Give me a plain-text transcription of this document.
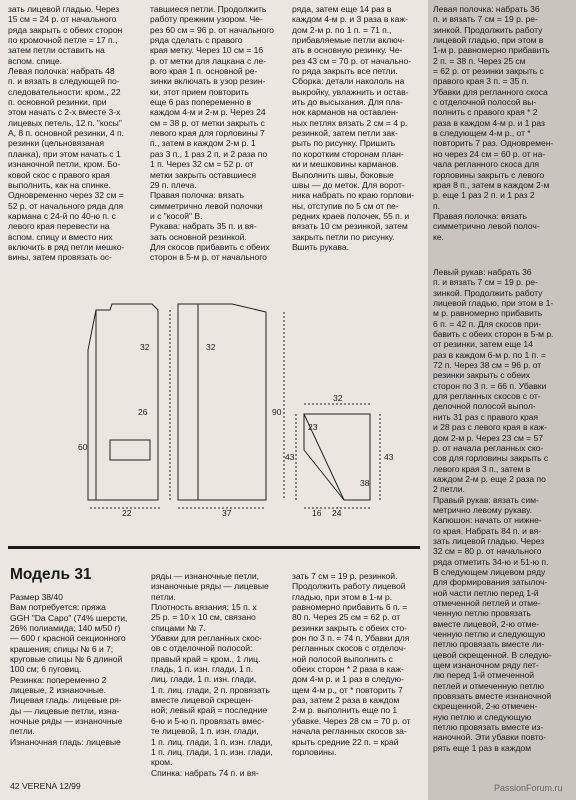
зать лицевой гладью. Через
15 см = 24 р. от начального
ряда закрыть с обеих сторон
по кромочной петле = 17 п.,
затем петли оставить на
вспом. спице.
Левая полочка: набрать 48
п. и вязать в следующей по-
следовательности: кром., 22
п. основной резинки, при
этом начать с 2-х вместе 3-х
лицевых петель, 12 п. "косы"
А, 8 п. основной резинки, 4 п.
резинки (цельновязаная
планка), при этом начать с 1
изнаночной петли, кром. Бо-
ковой скос с правого края
выполнить, как на спинке.
Одновременно через 32 см =
52 р. от начального ряда для
кармана с 24-й по 40-ю п. с
левого края перевести на
вспом. спицу и вместо них
включить в ряд петли мешко-
вины, затем провязать ос-
тавшиеся петли. Продолжить
работу прежним узором. Че-
рез 60 см = 96 р. от начального
ряда сделать с правого
края метку. Через 10 см = 16
р. от метки для лацкана с ле-
вого края 1 п. основной ре-
зинки включать в узор резин-
ки, этот прием повторить
еще 6 раз попеременно в
каждом 4-м и 2-м р. Через 24
см = 38 р. от метки закрыть с
левого края для горловины 7
п., затем в каждом 2-м р. 1
раз 3 п., 1 раз 2 п. и 2 раза по
1 п. Через 32 см = 52 р. от
метки закрыть оставшиеся
29 п. плеча.
Правая полочка: вязать
симметрично левой полочки
и с "косой" В.
Рукава: набрать 35 п. и вя-
зать основной резинкой.
Для скосов прибавить с обеих
сторон в 5-м р. от начального
ряда, затем еще 14 раз в
каждом 4-м р. и 3 раза в каж-
дом 2-м р. по 1 п. = 71 п.,
прибавляемые петли включ-
ать в основную резинку. Че-
рез 43 см = 70 р. от начально-
го ряда закрыть все петли.
Сборка: детали накололь на
выкройку, увлажнить и остав-
ить до высыхания. Для пла-
нок карманов на оставлен-
ных петлях вязать 2 см = 4 р.
резинкой, затем петли зак-
рыть по рисунку. Пришить
по коротким сторонам план-
ки и мешковины карманов.
Выполнить швы, боковые
швы — до меток. Для ворот-
ника набрать по краю горлови-
ны, отступив по 5 см от пе-
редних краев полочек, 55 п. и
вязать 10 см резинкой, затем
закрыть петли по рисунку.
Вшить рукава.
Левая полочка: набрать 36
п. и вязать 7 см = 19 р. ре-
зинкой. Продолжить работу
лицевой гладью, при этом в
1-м р. равномерно прибавить
2 п. = 38 п. Через 25 см
= 62 р. от резинки закрыть с
правого края 3 п. = 35 п.
Убавки для регланного скоса
с отделочной полосой вы-
полнить с правого края * 2
раза в каждом 4-м р. и 1 раз
в следующем 4-м р., от *
повторить 7 раз. Одновремен-
но через 24 см = 60 р. от на-
чала регланного скоса для
горловины закрыть с левого
края 8 п., затем в каждом 2-м
р. еще 1 раз 2 п. и 1 раз 2
п.
Правая полочка: вязать
симметрично левой полоч-
ке.
60
32
26
32
90
22	37
32
23
43	43
38
24
16
Модель 31
Размер 38/40
Вам потребуется: пряжа
GGH "Da Capo" (74% шерсти,
26% полиамида; 140 м/50 г)
— 600 г красной секционного
крашения; спицы № 6 и 7;
круговые спицы № 6 длиной
100 см; 6 пуговиц.
Резинка: попеременно 2
лицевые, 2 изнаночные.
Лицевая гладь: лицевые ря-
ды — лицевые петли, изна-
ночные ряды — изнаночные
петли.
Изнаночная гладь: лицевые
ряды — изнаночные петли,
изнаночные ряды — лицевые
петли.
Плотность вязания: 15 п. х
25 р. = 10 х 10 см, связано
спицами № 7.
Убавки для регланных скос-
ов с отделочной полосой:
правый край = кром., 1 лиц.
гладь, 1 п. изн. глади, 1 п.
лиц. глади, 1 п. изн. глади,
1 п. лиц. глади, 2 п. провязать
вместе лицевой скрещен-
ной; левый край = последние
6-ю и 5-ю п. провязать вмес-
те лицевой, 1 п. изн. глади,
1 п. лиц. глади, 1 п. изн. глади,
1 п. лиц. глади, 1 п. изн. глади,
кром.
Спинка: набрать 74 п. и вя-
зать 7 см = 19 р. резинкой.
Продолжить работу лицевой
гладью, при этом в 1-м р.
равномерно прибавить 6 п. =
80 п. Через 25 см = 62 р. от
резинки закрыть с обеих сто-
рон по 3 п. = 74 п. Убавки для
регланных скосов с отделоч-
ной полосой выполнить с
обеих сторон * 2 раза в каж-
дом 4-м р. и 1 раз в следую-
щем 4-м р., от * повторить 7
раз, затем 2 раза в каждом
2-м р. выполнить еще по 1
убавке. Через 28 см = 70 р. от
начала регланных скосов за-
крыть средние 22 п. = край
горловины.
Левый рукав: набрать 36
п. и вязать 7 см = 19 р. ре-
зинкой. Продолжить работу
лицевой гладью, при этом в 1-
м р. равномерно прибавить
6 п. = 42 п. Для скосов при-
бавить с обеих сторон в 5-м р.
от резинки, затем еще 14
раз в каждом 6-м р. по 1 п. =
72 п. Через 38 см = 96 р. от
резинки закрыть с обеих
сторон по 3 п. = 66 п. Убавки
для регланных скосов с от-
делочной полосой выпол-
нить 31 раз с правого края
и 28 раз с левого края в каж-
дом 2-м р. Через 23 см = 57
р. от начала регланных ско-
сов для горловины закрыть с
левого края 3 п., затем в
каждом 2-м р. еще 2 раза по
2 петли.
Правый рукав: вязать сим-
метрично левому рукаву.
Капюшон: начать от нижне-
го края. Набрать 84 п. и вя-
зать лицевой гладью. Через
32 см = 80 р. от начального
ряда отметить 34-ю и 51-ю п.
В следующем лицевом ряду
для формирования затылоч-
ной части петлю перед 1-й
отмеченной петлей и отме-
ченную петлю провязать
вместе лицевой, 2-ю отме-
ченную петлю и следующую
петлю провязать вместе ли-
цевой скрещенной. В следую-
щем изнаночном ряду пет-
лю перед 1-й отмеченной
петлей и отмеченную петлю
провязать вместе изнаночной
скрещенной, 2-ю отмечен-
ную петлю и следующую
петлю провязать вместе из-
наночной. Эти убавки повто-
рять еще 1 раз в каждом
42 VERENA 12/99	PassionForum.ru
